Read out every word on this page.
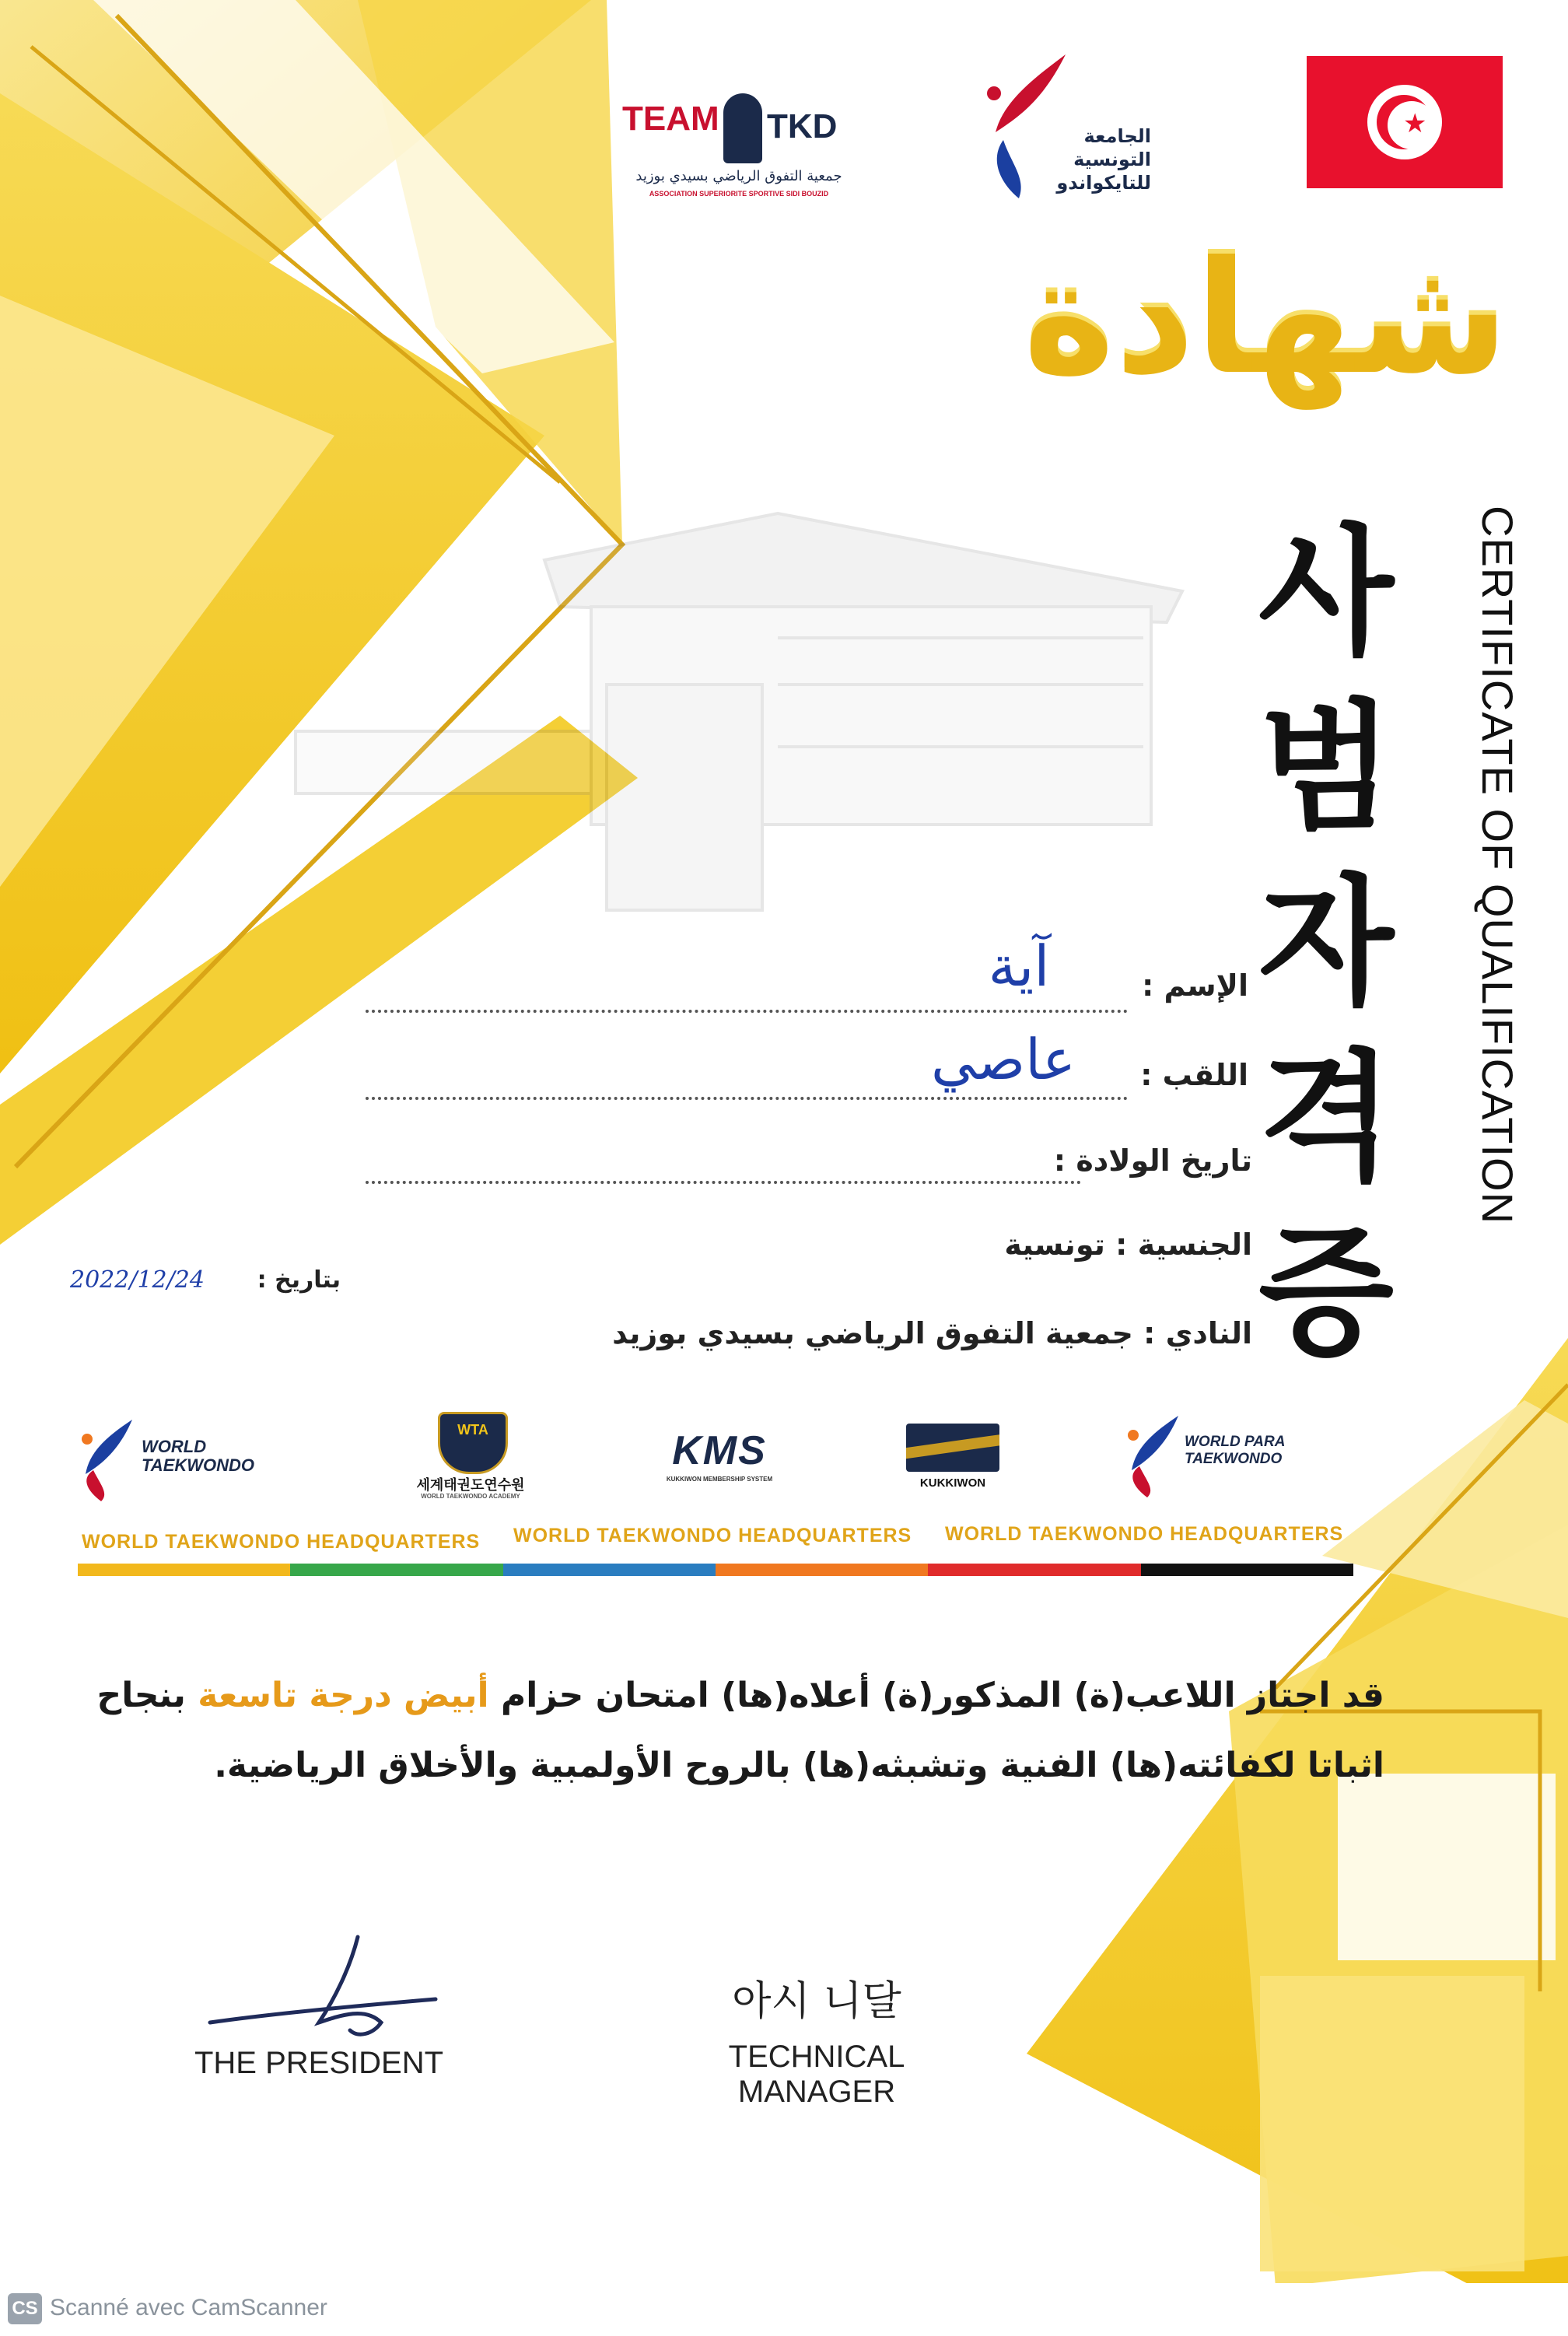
TEAM TKD
جمعية التفوق الرياضي بسيدي بوزيد
ASSOCIATION SUPERIORITE SPORTIVE SIDI BOUZID
الجامعة
التونسية
للتايكواندو
★
شهادة
사범자격증
CERTIFICATE OF QUALIFICATION
الإسم :
آية
اللقب :
عاصي
تاريخ الولادة :
الجنسية : تونسية
النادي : جمعية التفوق الرياضي بسيدي بوزيد
بتاريخ :
2022/12/24
WORLD TAEKWONDO
WTA
세계태권도연수원
WORLD TAEKWONDO ACADEMY
KMS
KUKKIWON MEMBERSHIP SYSTEM	KUKKIWON
WORLD PARA TAEKWONDO
WORLD TAEKWONDO HEADQUARTERS WORLD TAEKWONDO HEADQUARTERS WORLD TAEKWONDO HEADQUARTERS
قد اجتاز اللاعب(ة) المذكور(ة) أعلاه(ها) امتحان حزام أبيض درجة تاسعة بنجاح
اثباتا لكفائته(ها) الفنية وتشبثه(ها) بالروح الأولمبية والأخلاق الرياضية.
THE PRESIDENT
아시 니달
TECHNICAL MANAGER
CS Scanné avec CamScanner
